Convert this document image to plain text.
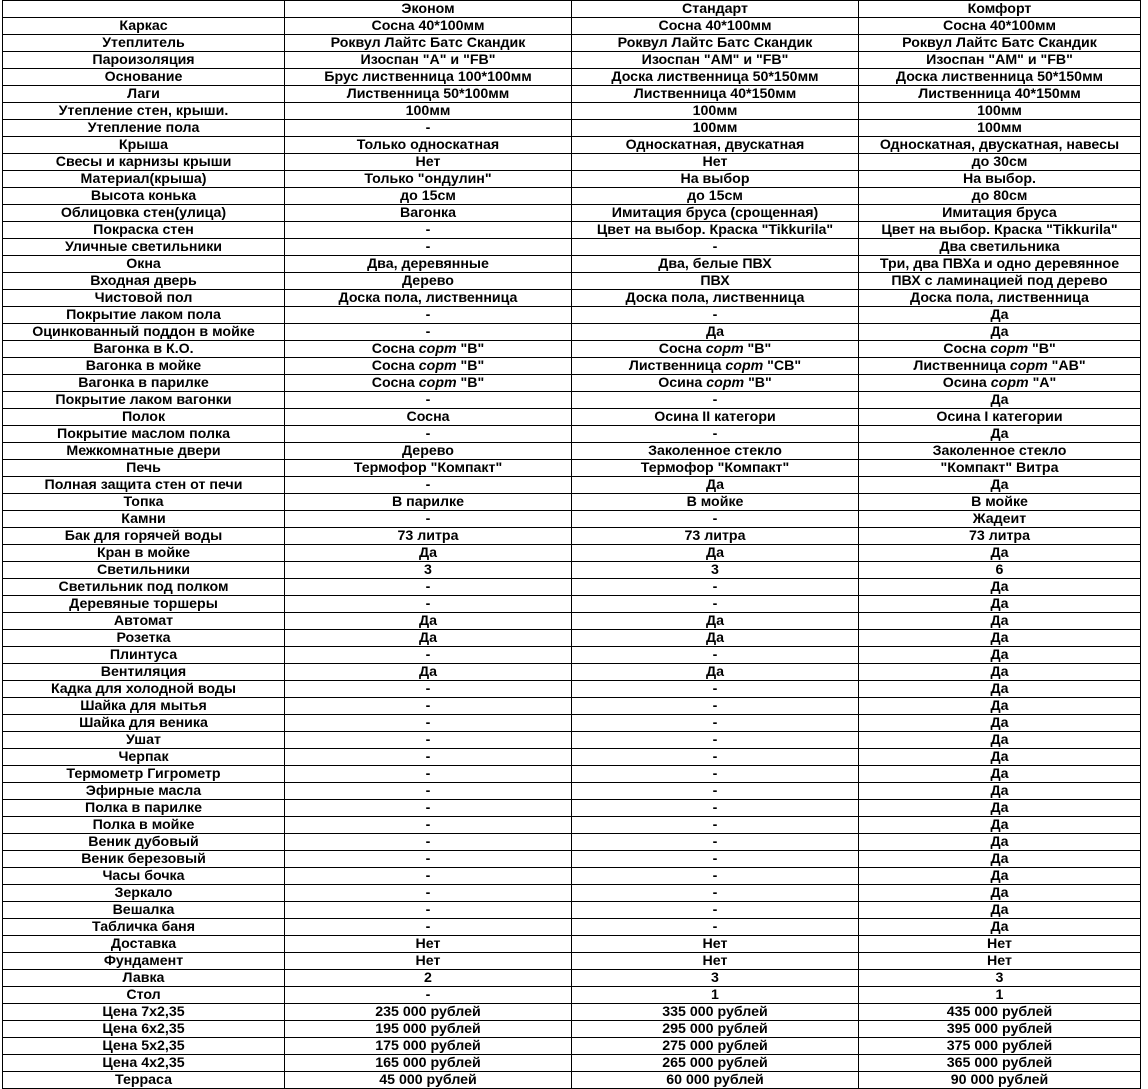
	Эконом	Стандарт	Комфорт
Каркас	Сосна 40*100мм	Сосна 40*100мм	Сосна 40*100мм
Утеплитель	Роквул Лайтс Батс Скандик	Роквул Лайтс Батс Скандик	Роквул Лайтс Батс Скандик
Пароизоляция	Изоспан "А" и "FB"	Изоспан "АМ" и "FB"	Изоспан "АМ" и "FB"
Основание	Брус лиственница 100*100мм	Доска лиственница 50*150мм	Доска лиственница 50*150мм
Лаги	Лиственница 50*100мм	Лиственница 40*150мм	Лиственница 40*150мм
Утепление стен, крыши.	100мм	100мм	100мм
Утепление пола	-	100мм	100мм
Крыша	Только односкатная	Односкатная, двускатная	Односкатная, двускатная, навесы
Свесы и карнизы крыши	Нет	Нет	до 30см
Материал(крыша)	Только "ондулин"	На выбор	На выбор.
Высота конька	до 15см	до 15см	до 80см
Облицовка стен(улица)	Вагонка	Имитация бруса (срощенная)	Имитация бруса
Покраска стен	-	Цвет на выбор. Краска "Tikkurila"	Цвет на выбор. Краска "Tikkurila"
Уличные светильники	-	-	Два светильника
Окна	Два, деревянные	Два, белые ПВХ	Три, два ПВХа и одно деревянное
Входная дверь	Дерево	ПВХ	ПВХ с ламинацией под дерево
Чистовой пол	Доска пола, лиственница	Доска пола, лиственница	Доска пола, лиственница
Покрытие лаком пола	-	-	Да
Оцинкованный поддон в мойке	-	Да	Да
Вагонка в К.О.	Сосна сорт "В"	Сосна сорт "В"	Сосна сорт "В"
Вагонка в мойке	Сосна сорт "В"	Лиственница сорт "СВ"	Лиственница сорт "АВ"
Вагонка в парилке	Сосна сорт "В"	Осина сорт "В"	Осина сорт "А"
Покрытие лаком вагонки	-	-	Да
Полок	Сосна	Осина II категори	Осина I категории
Покрытие маслом полка	-	-	Да
Межкомнатные двери	Дерево	Заколенное стекло	Заколенное стекло
Печь	Термофор "Компакт"	Термофор "Компакт"	"Компакт" Витра
Полная защита стен от печи	-	Да	Да
Топка	В парилке	В мойке	В мойке
Камни	-	-	Жадеит
Бак для горячей воды	73 литра	73 литра	73 литра
Кран в мойке	Да	Да	Да
Светильники	3	3	6
Светильник под полком	-	-	Да
Деревяные торшеры	-	-	Да
Автомат	Да	Да	Да
Розетка	Да	Да	Да
Плинтуса	-	-	Да
Вентиляция	Да	Да	Да
Кадка для холодной воды	-	-	Да
Шайка для мытья	-	-	Да
Шайка для веника	-	-	Да
Ушат	-	-	Да
Черпак	-	-	Да
Термометр Гигрометр	-	-	Да
Эфирные масла	-	-	Да
Полка в парилке	-	-	Да
Полка в мойке	-	-	Да
Веник дубовый	-	-	Да
Веник березовый	-	-	Да
Часы бочка	-	-	Да
Зеркало	-	-	Да
Вешалка	-	-	Да
Табличка баня	-	-	Да
Доставка	Нет	Нет	Нет
Фундамент	Нет	Нет	Нет
Лавка	2	3	3
Стол	-	1	1
Цена 7х2,35	235 000 рублей	335 000 рублей	435 000 рублей
Цена 6х2,35	195 000 рублей	295 000 рублей	395 000 рублей
Цена 5х2,35	175 000 рублей	275 000 рублей	375 000 рублей
Цена 4х2,35	165 000 рублей	265 000 рублей	365 000 рублей
Терраса	45 000 рублей	60 000 рублей	90 000 рублей
